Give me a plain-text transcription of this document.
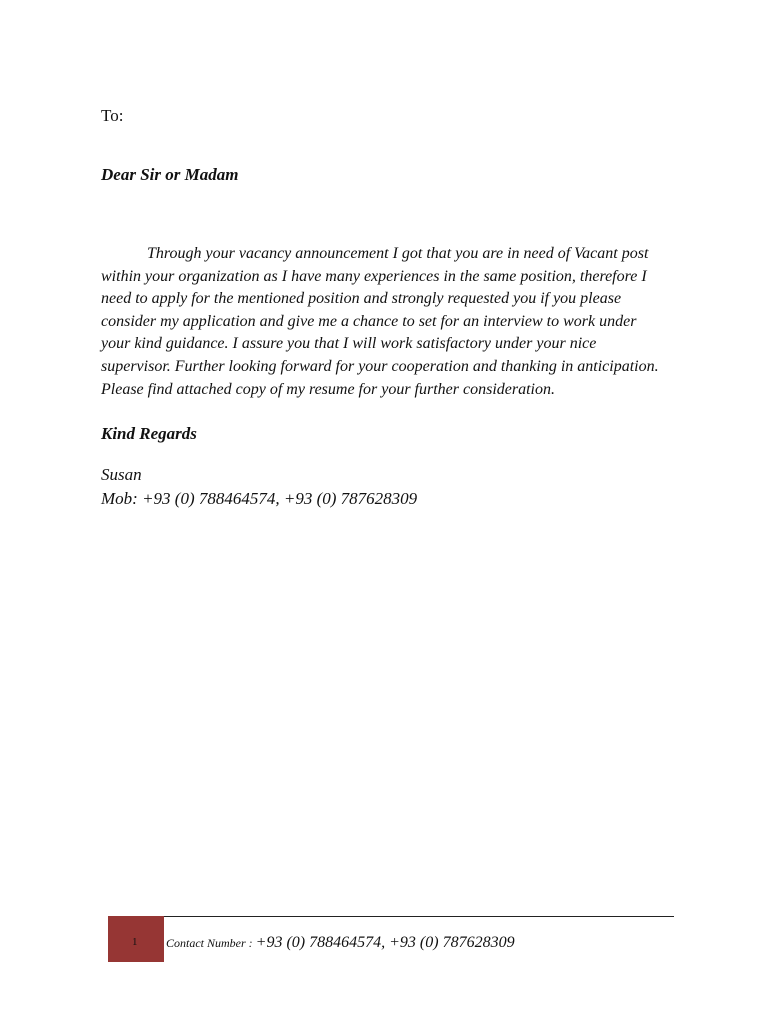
To:
Dear Sir or Madam

Through your vacancy announcement I got that you are in need of Vacant post within your organization as I have many experiences in the same position, therefore I need to apply for the mentioned position and strongly requested you if you please consider my application and give me a chance to set for an interview to work under your kind guidance. I assure you that I will work satisfactory under your nice supervisor. Further looking forward for your cooperation and thanking in anticipation. Please find attached copy of my resume for your further consideration.

Kind Regards
Susan
Mob: +93 (0) 788464574, +93 (0) 787628309
1 Contact Number : +93 (0) 788464574, +93 (0) 787628309
